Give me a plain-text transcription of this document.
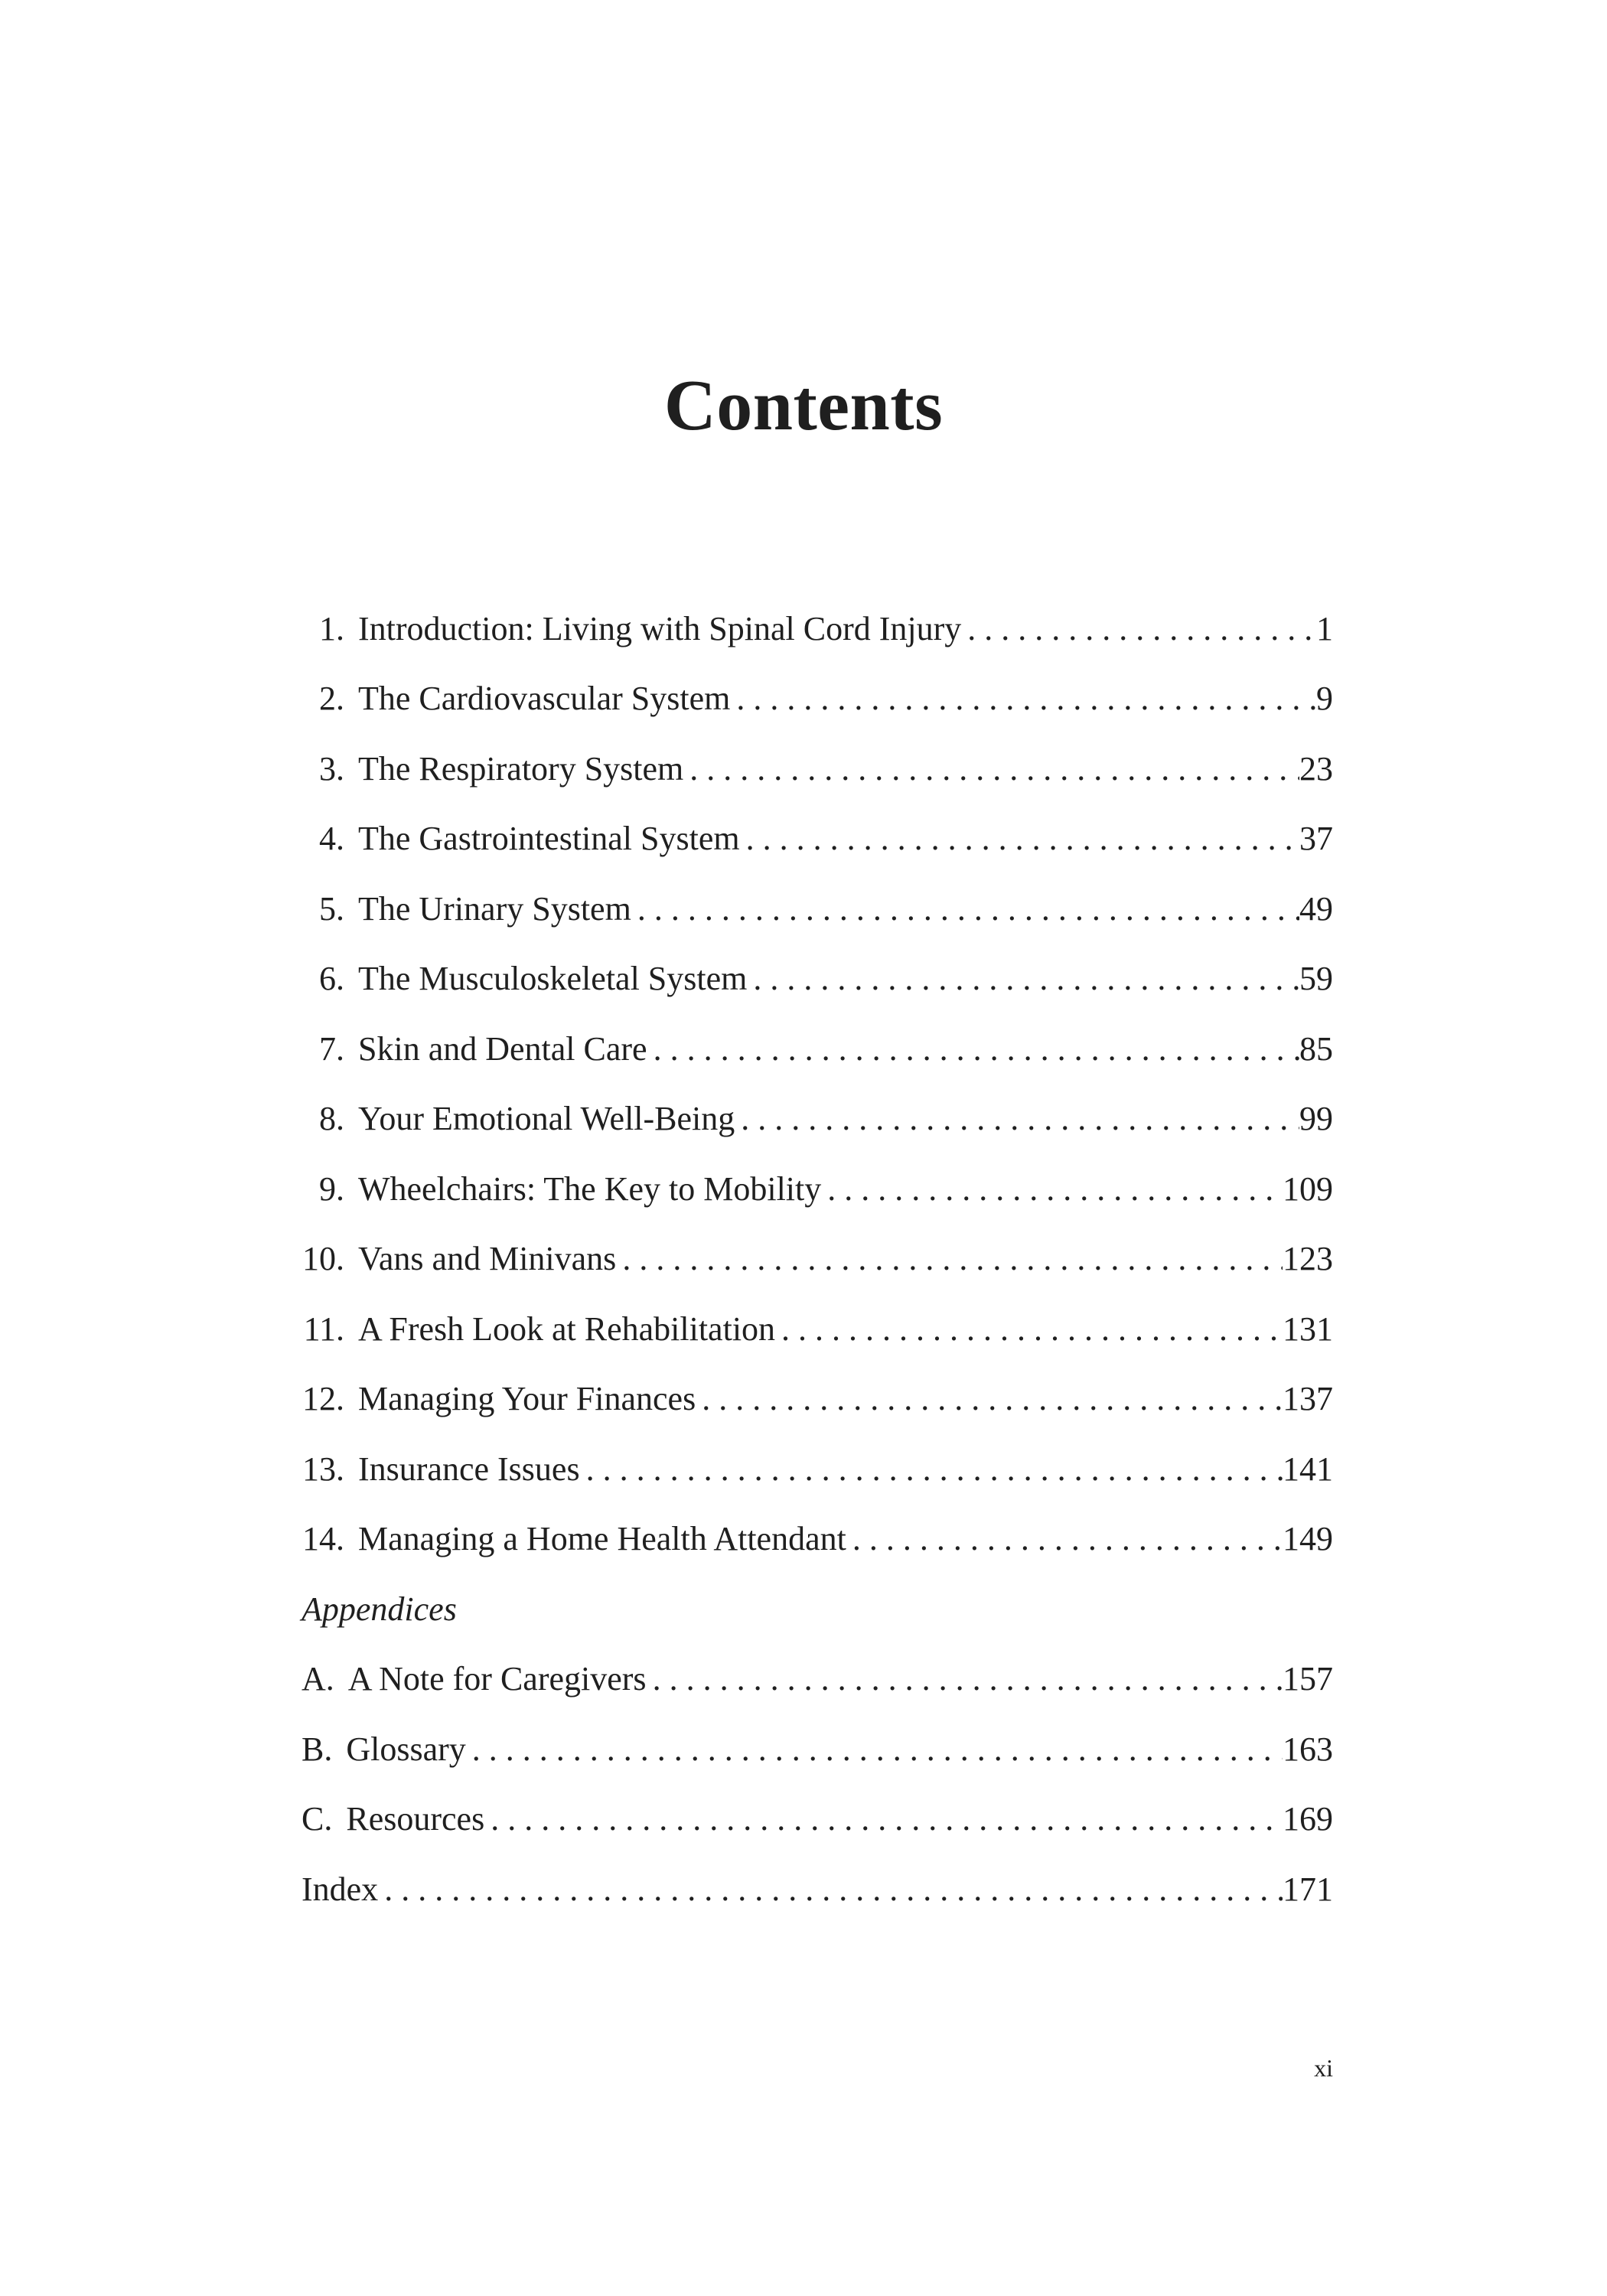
Contents
1. Introduction: Living with Spinal Cord Injury . . .	1
2. The Cardiovascular System . . .	9
3. The Respiratory System . . .	23
4. The Gastrointestinal System . . .	37
5. The Urinary System . . .	49
6. The Musculoskeletal System . . .	59
7. Skin and Dental Care . . .	85
8. Your Emotional Well-Being . . .	99
9. Wheelchairs: The Key to Mobility . . .	109
10. Vans and Minivans . . .	123
11. A Fresh Look at Rehabilitation . . .	131
12. Managing Your Finances . . .	137
13. Insurance Issues . . .	141
14. Managing a Home Health Attendant . . .	149
Appendices
A. A Note for Caregivers . . .	157
B. Glossary . . .	163
C. Resources . . .	169
Index . . .	171
xi
